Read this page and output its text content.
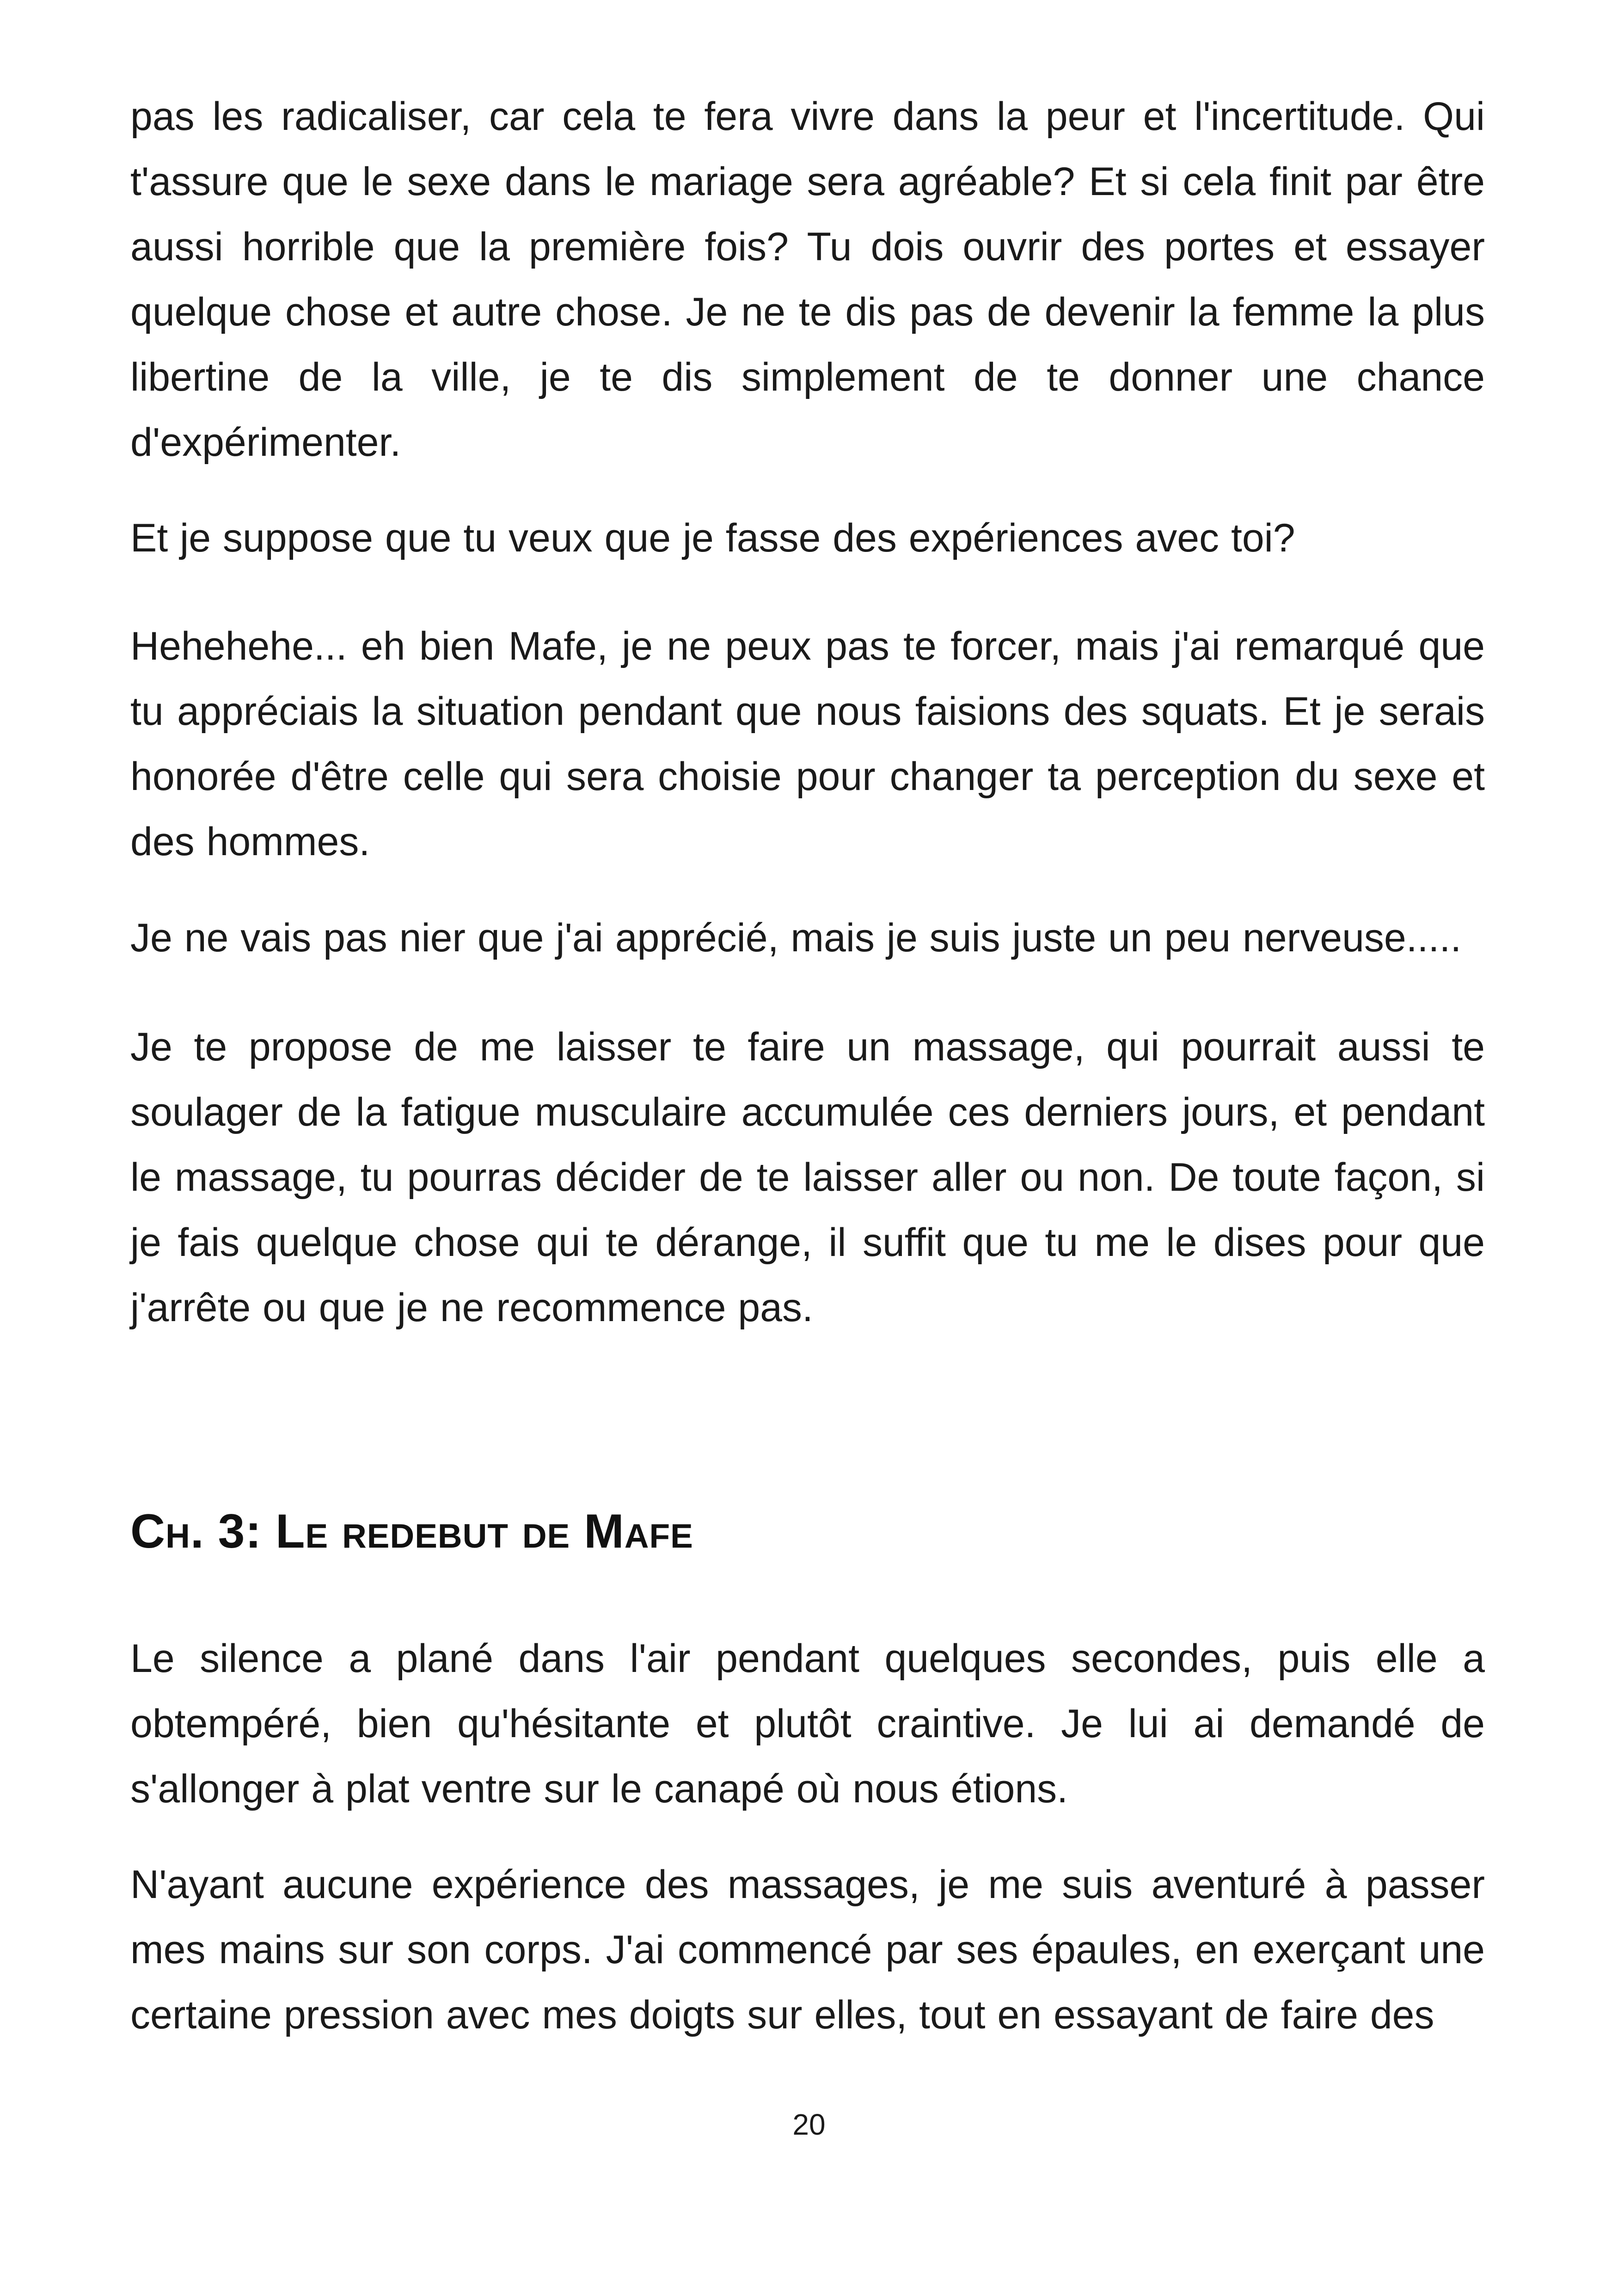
pas les radicaliser, car cela te fera vivre dans la peur et l'incertitude. Qui t'assure que le sexe dans le mariage sera agréable? Et si cela finit par être aussi horrible que la première fois? Tu dois ouvrir des portes et essayer quelque chose et autre chose. Je ne te dis pas de devenir la femme la plus libertine de la ville, je te dis simplement de te donner une chance d'expérimenter.

Et je suppose que tu veux que je fasse des expériences avec toi?

Hehehehe... eh bien Mafe, je ne peux pas te forcer, mais j'ai remarqué que tu appréciais la situation pendant que nous faisions des squats. Et je serais honorée d'être celle qui sera choisie pour changer ta perception du sexe et des hommes.

Je ne vais pas nier que j'ai apprécié, mais je suis juste un peu nerveuse.....

Je te propose de me laisser te faire un massage, qui pourrait aussi te soulager de la fatigue musculaire accumulée ces derniers jours, et pendant le massage, tu pourras décider de te laisser aller ou non. De toute façon, si je fais quelque chose qui te dérange, il suffit que tu me le dises pour que j'arrête ou que je ne recommence pas.

Ch. 3: Le redebut de Mafe

Le silence a plané dans l'air pendant quelques secondes, puis elle a obtempéré, bien qu'hésitante et plutôt craintive. Je lui ai demandé de s'allonger à plat ventre sur le canapé où nous étions.

N'ayant aucune expérience des massages, je me suis aventuré à passer mes mains sur son corps. J'ai commencé par ses épaules, en exerçant une certaine pression avec mes doigts sur elles, tout en essayant de faire des

20
